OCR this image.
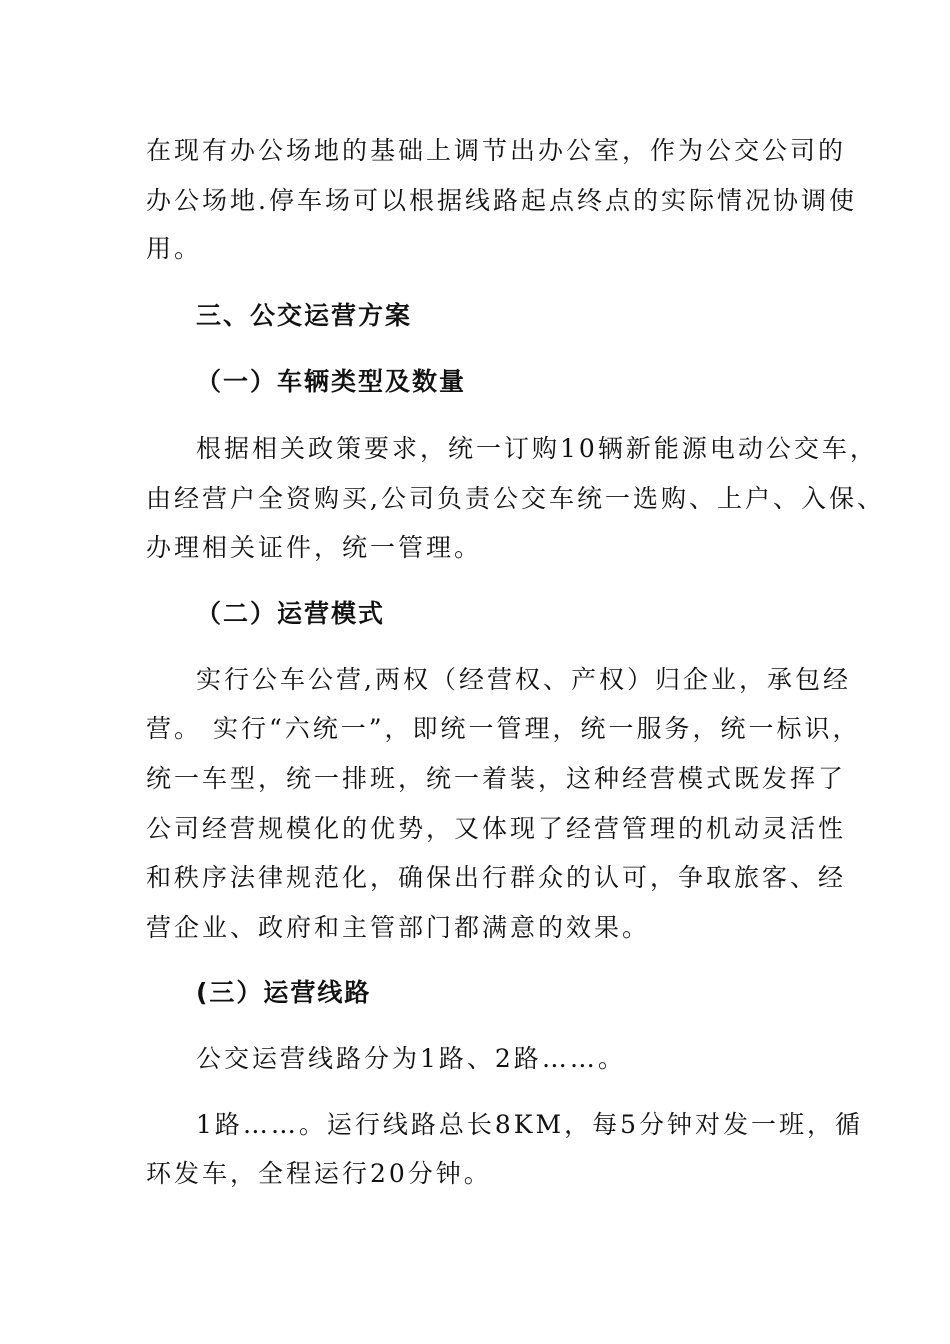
在现有办公场地的基础上调节出办公室，作为公交公司的
办公场地.停车场可以根据线路起点终点的实际情况协调使
用。
三、公交运营方案
（一）车辆类型及数量
根据相关政策要求，统一订购10辆新能源电动公交车，
由经营户全资购买,公司负责公交车统一选购、上户、入保、
办理相关证件，统一管理。
（二）运营模式
实行公车公营,两权（经营权、产权）归企业，承包经
营。 实行“六统一”，即统一管理，统一服务，统一标识，
统一车型，统一排班，统一着装，这种经营模式既发挥了
公司经营规模化的优势，又体现了经营管理的机动灵活性
和秩序法律规范化，确保出行群众的认可，争取旅客、经
营企业、政府和主管部门都满意的效果。
(三）运营线路
公交运营线路分为1路、2路……。
1路……。运行线路总长8KM，每5分钟对发一班，循
环发车，全程运行20分钟。
